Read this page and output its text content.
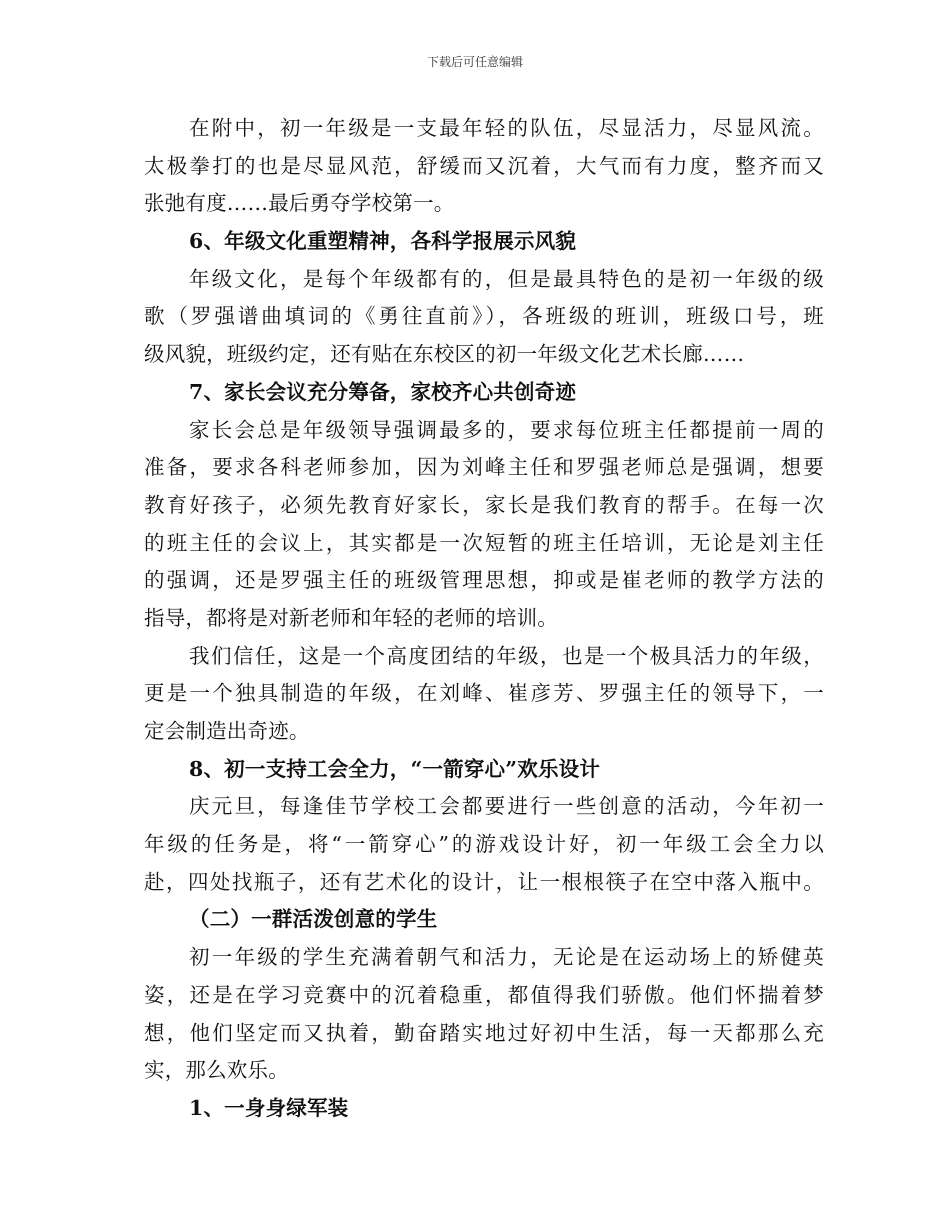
下载后可任意编辑
在附中，初一年级是一支最年轻的队伍，尽显活力，尽显风流。
太极拳打的也是尽显风范，舒缓而又沉着，大气而有力度，整齐而又
张弛有度……最后勇夺学校第一。
6、年级文化重塑精神，各科学报展示风貌
年级文化，是每个年级都有的，但是最具特色的是初一年级的级
歌（罗强谱曲填词的《勇往直前》），各班级的班训，班级口号，班
级风貌，班级约定，还有贴在东校区的初一年级文化艺术长廊……
7、家长会议充分筹备，家校齐心共创奇迹
家长会总是年级领导强调最多的，要求每位班主任都提前一周的
准备，要求各科老师参加，因为刘峰主任和罗强老师总是强调，想要
教育好孩子，必须先教育好家长，家长是我们教育的帮手。在每一次
的班主任的会议上，其实都是一次短暂的班主任培训，无论是刘主任
的强调，还是罗强主任的班级管理思想，抑或是崔老师的教学方法的
指导，都将是对新老师和年轻的老师的培训。
我们信任，这是一个高度团结的年级，也是一个极具活力的年级，
更是一个独具制造的年级，在刘峰、崔彦芳、罗强主任的领导下，一
定会制造出奇迹。
8、初一支持工会全力，“一箭穿心”欢乐设计
庆元旦，每逢佳节学校工会都要进行一些创意的活动，今年初一
年级的任务是，将“一箭穿心”的游戏设计好，初一年级工会全力以
赴，四处找瓶子，还有艺术化的设计，让一根根筷子在空中落入瓶中。
（二）一群活泼创意的学生
初一年级的学生充满着朝气和活力，无论是在运动场上的矫健英
姿，还是在学习竞赛中的沉着稳重，都值得我们骄傲。他们怀揣着梦
想，他们坚定而又执着，勤奋踏实地过好初中生活，每一天都那么充
实，那么欢乐。
1、一身身绿军装
